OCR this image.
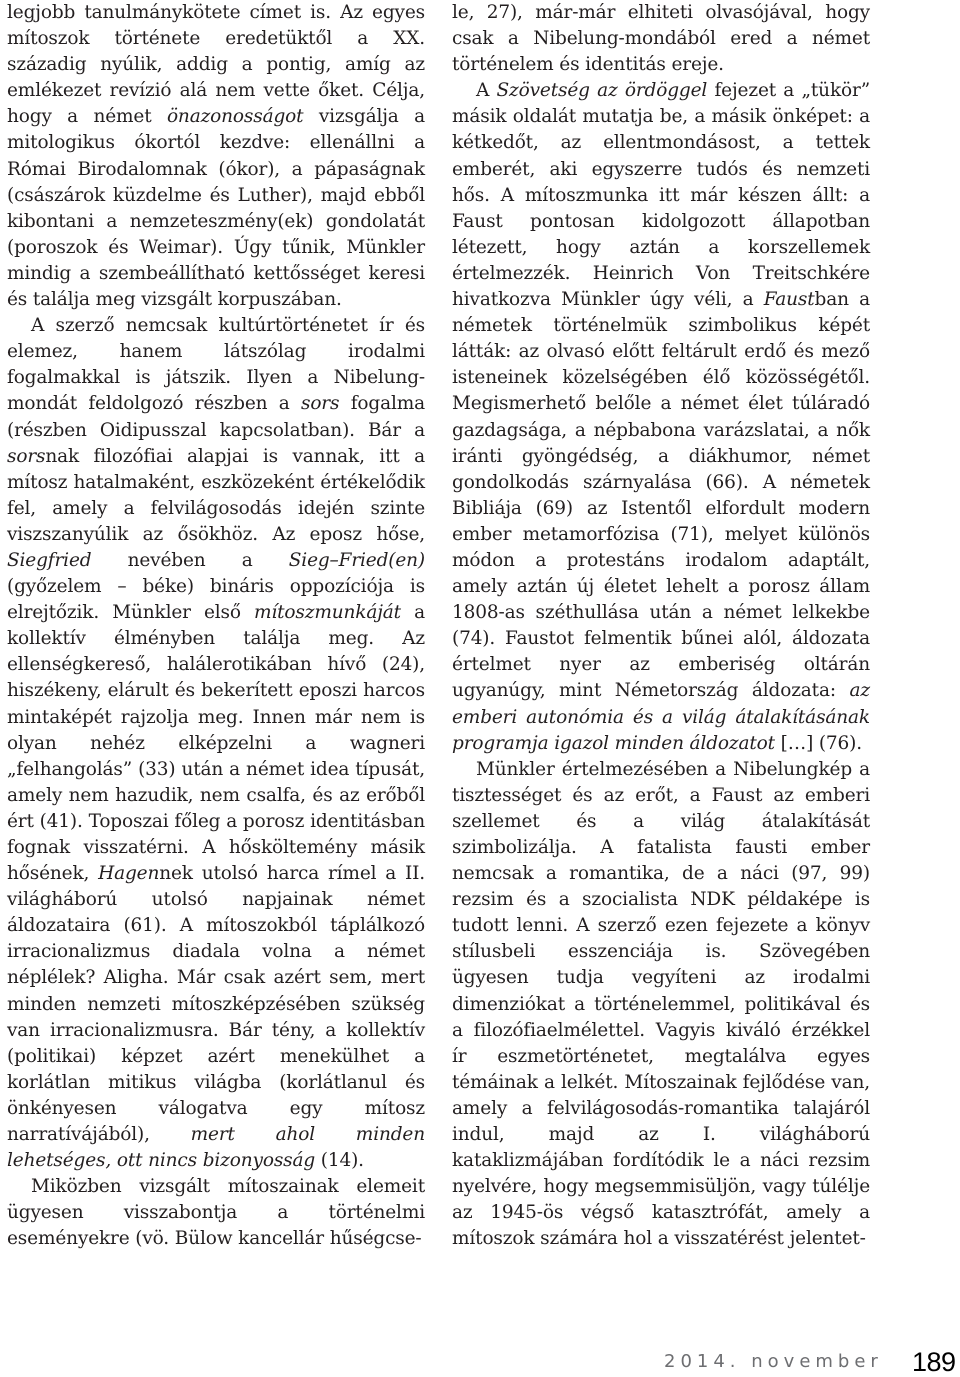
legjobb tanulmánykötete címet is. Az egyes mítoszok története eredetüktől a XX. századig nyúlik, addig a pontig, amíg az emlékezet revízió alá nem vette őket. Célja, hogy a német önazonosságot vizsgálja a mitologikus ókortól kezdve: ellenállni a Római Birodalomnak (ókor), a pápaságnak (császárok küzdelme és Luther), majd ebből kibontani a nemzeteszmény(ek) gondolatát (poroszok és Weimar). Úgy tűnik, Münkler mindig a szembeállítható kettősséget keresi és találja meg vizsgált korpuszában.

A szerző nemcsak kultúrtörténetet ír és elemez, hanem látszólag irodalmi fogalmakkal is játszik. Ilyen a Nibelung-mondát feldolgozó részben a sors fogalma (részben Oidipusszal kapcsolatban). Bár a sorsnak filozófiai alapjai is vannak, itt a mítosz hatalmaként, eszközeként értékelődik fel, amely a felvilágosodás idején szinte viszszanyúlik az ősökhöz. Az eposz hőse, Siegfried nevében a Sieg–Fried(en) (győzelem – béke) bináris oppozíciója is elrejtőzik. Münkler első mítoszmunkáját a kollektív élményben találja meg. Az ellenségkereső, halálerotikában hívő (24), hiszékeny, elárult és bekerített eposzi harcos mintaképét rajzolja meg. Innen már nem is olyan nehéz elképzelni a wagneri „felhangolás” (33) után a német idea típusát, amely nem hazudik, nem csalfa, és az erőből ért (41). Toposzai főleg a porosz identitásban fognak visszatérni. A hősköltemény másik hősének, Hagennek utolsó harca rímel a II. világháború utolsó napjainak német áldozataira (61). A mítoszokból táplálkozó irracionalizmus diadala volna a német néplélek? Aligha. Már csak azért sem, mert minden nemzeti mítoszképzésében szükség van irracionalizmusra. Bár tény, a kollektív (politikai) képzet azért menekülhet a korlátlan mitikus világba (korlátlanul és önkényesen válogatva egy mítosz narratívájából), mert ahol minden lehetséges, ott nincs bizonyosság (14).

Miközben vizsgált mítoszainak elemeit ügyesen visszabontja a történelmi eseményekre (vö. Bülow kancellár hűségcse-

le, 27), már-már elhiteti olvasójával, hogy csak a Nibelung-mondából ered a német történelem és identitás ereje.

A Szövetség az ördöggel fejezet a „tükör” másik oldalát mutatja be, a másik önképet: a kétkedőt, az ellentmondásost, a tettek emberét, aki egyszerre tudós és nemzeti hős. A mítoszmunka itt már készen állt: a Faust pontosan kidolgozott állapotban létezett, hogy aztán a korszellemek értelmezzék. Heinrich Von Treitschkére hivatkozva Münkler úgy véli, a Faustban a németek történelmük szimbolikus képét látták: az olvasó előtt feltárult erdő és mező isteneinek közelségében élő közösségétől. Megismerhető belőle a német élet túláradó gazdagsága, a népbabona varázslatai, a nők iránti gyöngédség, a diákhumor, német gondolkodás szárnyalása (66). A németek Bibliája (69) az Istentől elfordult modern ember metamorfózisa (71), melyet különös módon a protestáns irodalom adaptált, amely aztán új életet lehelt a porosz állam 1808-as széthullása után a német lelkekbe (74). Faustot felmentik bűnei alól, áldozata értelmet nyer az emberiség oltárán ugyanúgy, mint Németország áldozata: az emberi autonómia és a világ átalakításának programja igazol minden áldozatot […] (76).

Münkler értelmezésében a Nibelungkép a tisztességet és az erőt, a Faust az emberi szellemet és a világ átalakítását szimbolizálja. A fatalista fausti ember nemcsak a romantika, de a náci (97, 99) rezsim és a szocialista NDK példaképe is tudott lenni. A szerző ezen fejezete a könyv stílusbeli esszenciája is. Szövegében ügyesen tudja vegyíteni az irodalmi dimenziókat a történelemmel, politikával és a filozófiaelmélettel. Vagyis kiváló érzékkel ír eszmetörténetet, megtalálva egyes témáinak a lelkét. Mítoszainak fejlődése van, amely a felvilágosodás-romantika talajáról indul, majd az I. világháború kataklizmájában fordítódik le a náci rezsim nyelvére, hogy megsemmisüljön, vagy túlélje az 1945-ös végső katasztrófát, amely a mítoszok számára hol a visszatérést jelentet-

2014. november 189
